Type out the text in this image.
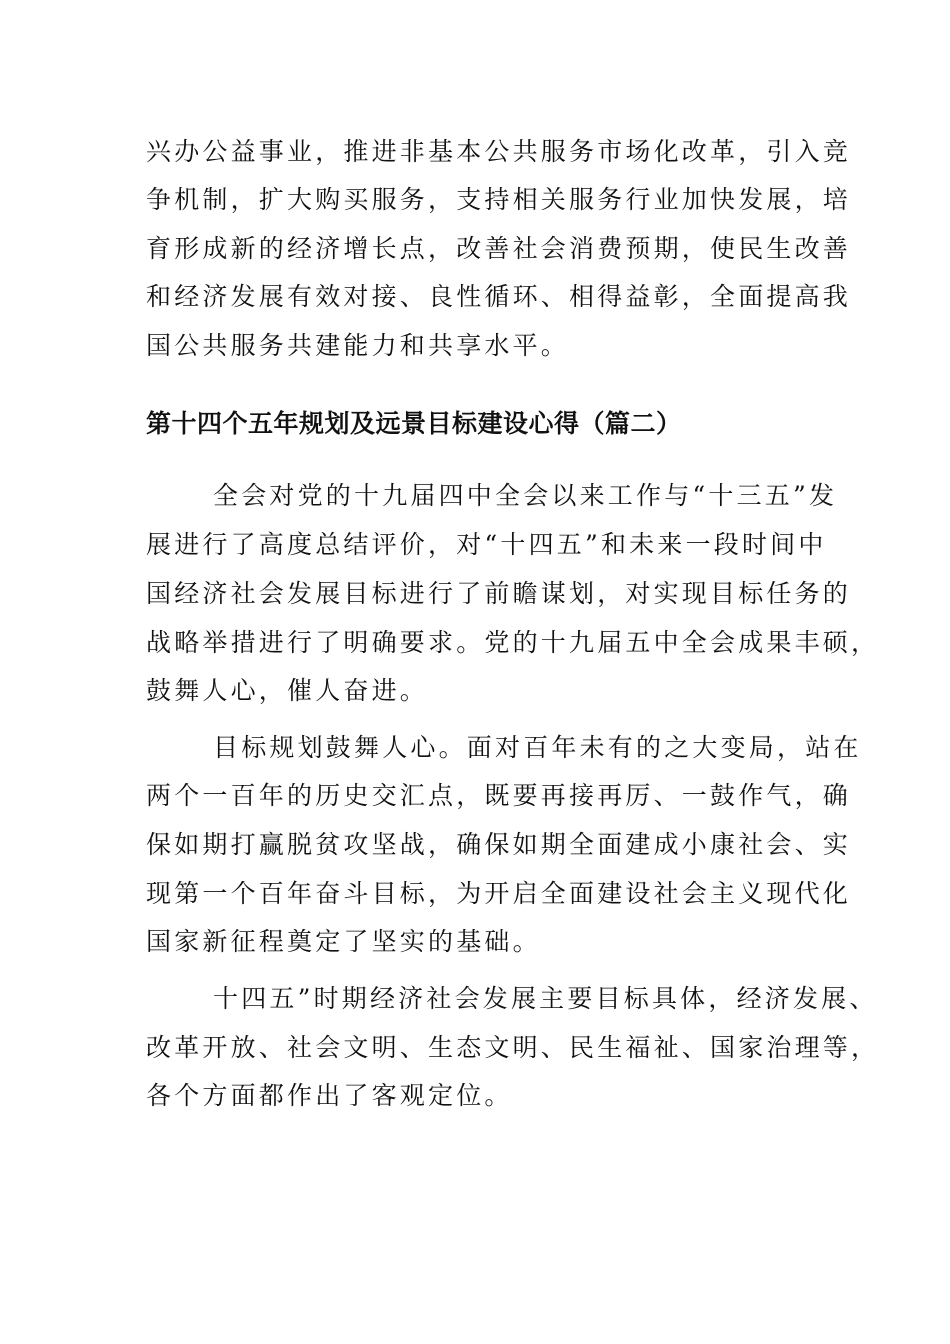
兴办公益事业，推进非基本公共服务市场化改革，引入竞
争机制，扩大购买服务，支持相关服务行业加快发展，培
育形成新的经济增长点，改善社会消费预期，使民生改善
和经济发展有效对接、良性循环、相得益彰，全面提高我
国公共服务共建能力和共享水平。
第十四个五年规划及远景目标建设心得（篇二）
全会对党的十九届四中全会以来工作与“十三五”发
展进行了高度总结评价，对“十四五”和未来一段时间中
国经济社会发展目标进行了前瞻谋划，对实现目标任务的
战略举措进行了明确要求。党的十九届五中全会成果丰硕，
鼓舞人心，催人奋进。
目标规划鼓舞人心。面对百年未有的之大变局，站在
两个一百年的历史交汇点，既要再接再厉、一鼓作气，确
保如期打赢脱贫攻坚战，确保如期全面建成小康社会、实
现第一个百年奋斗目标，为开启全面建设社会主义现代化
国家新征程奠定了坚实的基础。
十四五”时期经济社会发展主要目标具体，经济发展、
改革开放、社会文明、生态文明、民生福祉、国家治理等，
各个方面都作出了客观定位。
